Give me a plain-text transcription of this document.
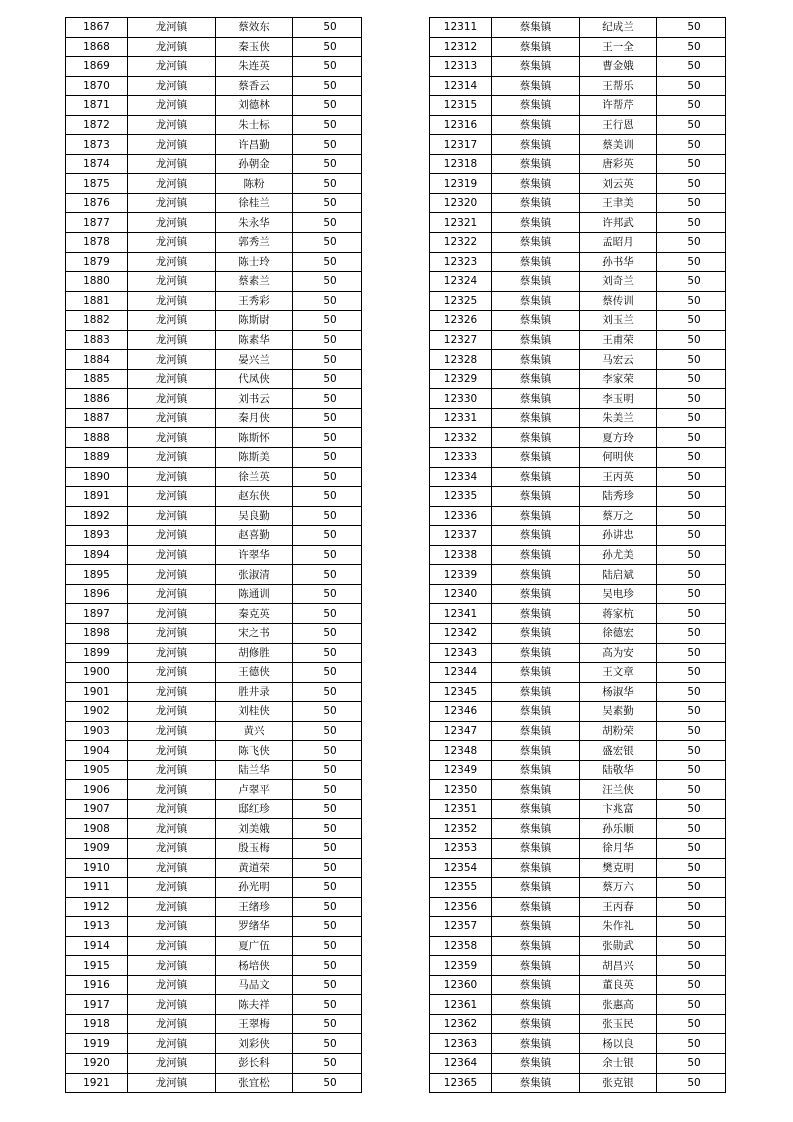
1867	龙河镇	蔡效东	50
1868	龙河镇	秦玉侠	50
1869	龙河镇	朱连英	50
1870	龙河镇	蔡香云	50
1871	龙河镇	刘德林	50
1872	龙河镇	朱士标	50
1873	龙河镇	许昌勤	50
1874	龙河镇	孙朝金	50
1875	龙河镇	陈粉	50
1876	龙河镇	徐桂兰	50
1877	龙河镇	朱永华	50
1878	龙河镇	郭秀兰	50
1879	龙河镇	陈士玲	50
1880	龙河镇	蔡素兰	50
1881	龙河镇	王秀彩	50
1882	龙河镇	陈斯尉	50
1883	龙河镇	陈素华	50
1884	龙河镇	晏兴兰	50
1885	龙河镇	代凤侠	50
1886	龙河镇	刘书云	50
1887	龙河镇	秦月侠	50
1888	龙河镇	陈斯怀	50
1889	龙河镇	陈斯美	50
1890	龙河镇	徐兰英	50
1891	龙河镇	赵东侠	50
1892	龙河镇	吴良勤	50
1893	龙河镇	赵喜勤	50
1894	龙河镇	许翠华	50
1895	龙河镇	张淑清	50
1896	龙河镇	陈通训	50
1897	龙河镇	秦克英	50
1898	龙河镇	宋之书	50
1899	龙河镇	胡修胜	50
1900	龙河镇	王德侠	50
1901	龙河镇	胜井录	50
1902	龙河镇	刘桂侠	50
1903	龙河镇	黄兴	50
1904	龙河镇	陈飞侠	50
1905	龙河镇	陆兰华	50
1906	龙河镇	卢翠平	50
1907	龙河镇	邸红珍	50
1908	龙河镇	刘美娥	50
1909	龙河镇	殷玉梅	50
1910	龙河镇	黄道荣	50
1911	龙河镇	孙光明	50
1912	龙河镇	王绪珍	50
1913	龙河镇	罗绪华	50
1914	龙河镇	夏广伍	50
1915	龙河镇	杨培侠	50
1916	龙河镇	马品文	50
1917	龙河镇	陈夫祥	50
1918	龙河镇	王翠梅	50
1919	龙河镇	刘彩侠	50
1920	龙河镇	彭长科	50
1921	龙河镇	张宜松	50
12311	蔡集镇	纪成兰	50
12312	蔡集镇	王一全	50
12313	蔡集镇	曹金娥	50
12314	蔡集镇	王帮乐	50
12315	蔡集镇	许帮芹	50
12316	蔡集镇	王行恩	50
12317	蔡集镇	蔡美训	50
12318	蔡集镇	唐彩英	50
12319	蔡集镇	刘云英	50
12320	蔡集镇	王聿美	50
12321	蔡集镇	许邦武	50
12322	蔡集镇	孟昭月	50
12323	蔡集镇	孙书华	50
12324	蔡集镇	刘奇兰	50
12325	蔡集镇	蔡传训	50
12326	蔡集镇	刘玉兰	50
12327	蔡集镇	王甫荣	50
12328	蔡集镇	马宏云	50
12329	蔡集镇	李家荣	50
12330	蔡集镇	李玉明	50
12331	蔡集镇	朱美兰	50
12332	蔡集镇	夏方玲	50
12333	蔡集镇	何明侠	50
12334	蔡集镇	王丙英	50
12335	蔡集镇	陆秀珍	50
12336	蔡集镇	蔡万之	50
12337	蔡集镇	孙讲忠	50
12338	蔡集镇	孙尤美	50
12339	蔡集镇	陆启斌	50
12340	蔡集镇	吴电珍	50
12341	蔡集镇	蒋家杭	50
12342	蔡集镇	徐德宏	50
12343	蔡集镇	高为安	50
12344	蔡集镇	王文章	50
12345	蔡集镇	杨淑华	50
12346	蔡集镇	吴素勤	50
12347	蔡集镇	胡粉荣	50
12348	蔡集镇	盛宏银	50
12349	蔡集镇	陆敬华	50
12350	蔡集镇	汪兰侠	50
12351	蔡集镇	卞兆富	50
12352	蔡集镇	孙乐顺	50
12353	蔡集镇	徐月华	50
12354	蔡集镇	樊克明	50
12355	蔡集镇	蔡万六	50
12356	蔡集镇	王丙春	50
12357	蔡集镇	朱作礼	50
12358	蔡集镇	张勋武	50
12359	蔡集镇	胡昌兴	50
12360	蔡集镇	董良英	50
12361	蔡集镇	张惠高	50
12362	蔡集镇	张玉民	50
12363	蔡集镇	杨以良	50
12364	蔡集镇	余士银	50
12365	蔡集镇	张克银	50
